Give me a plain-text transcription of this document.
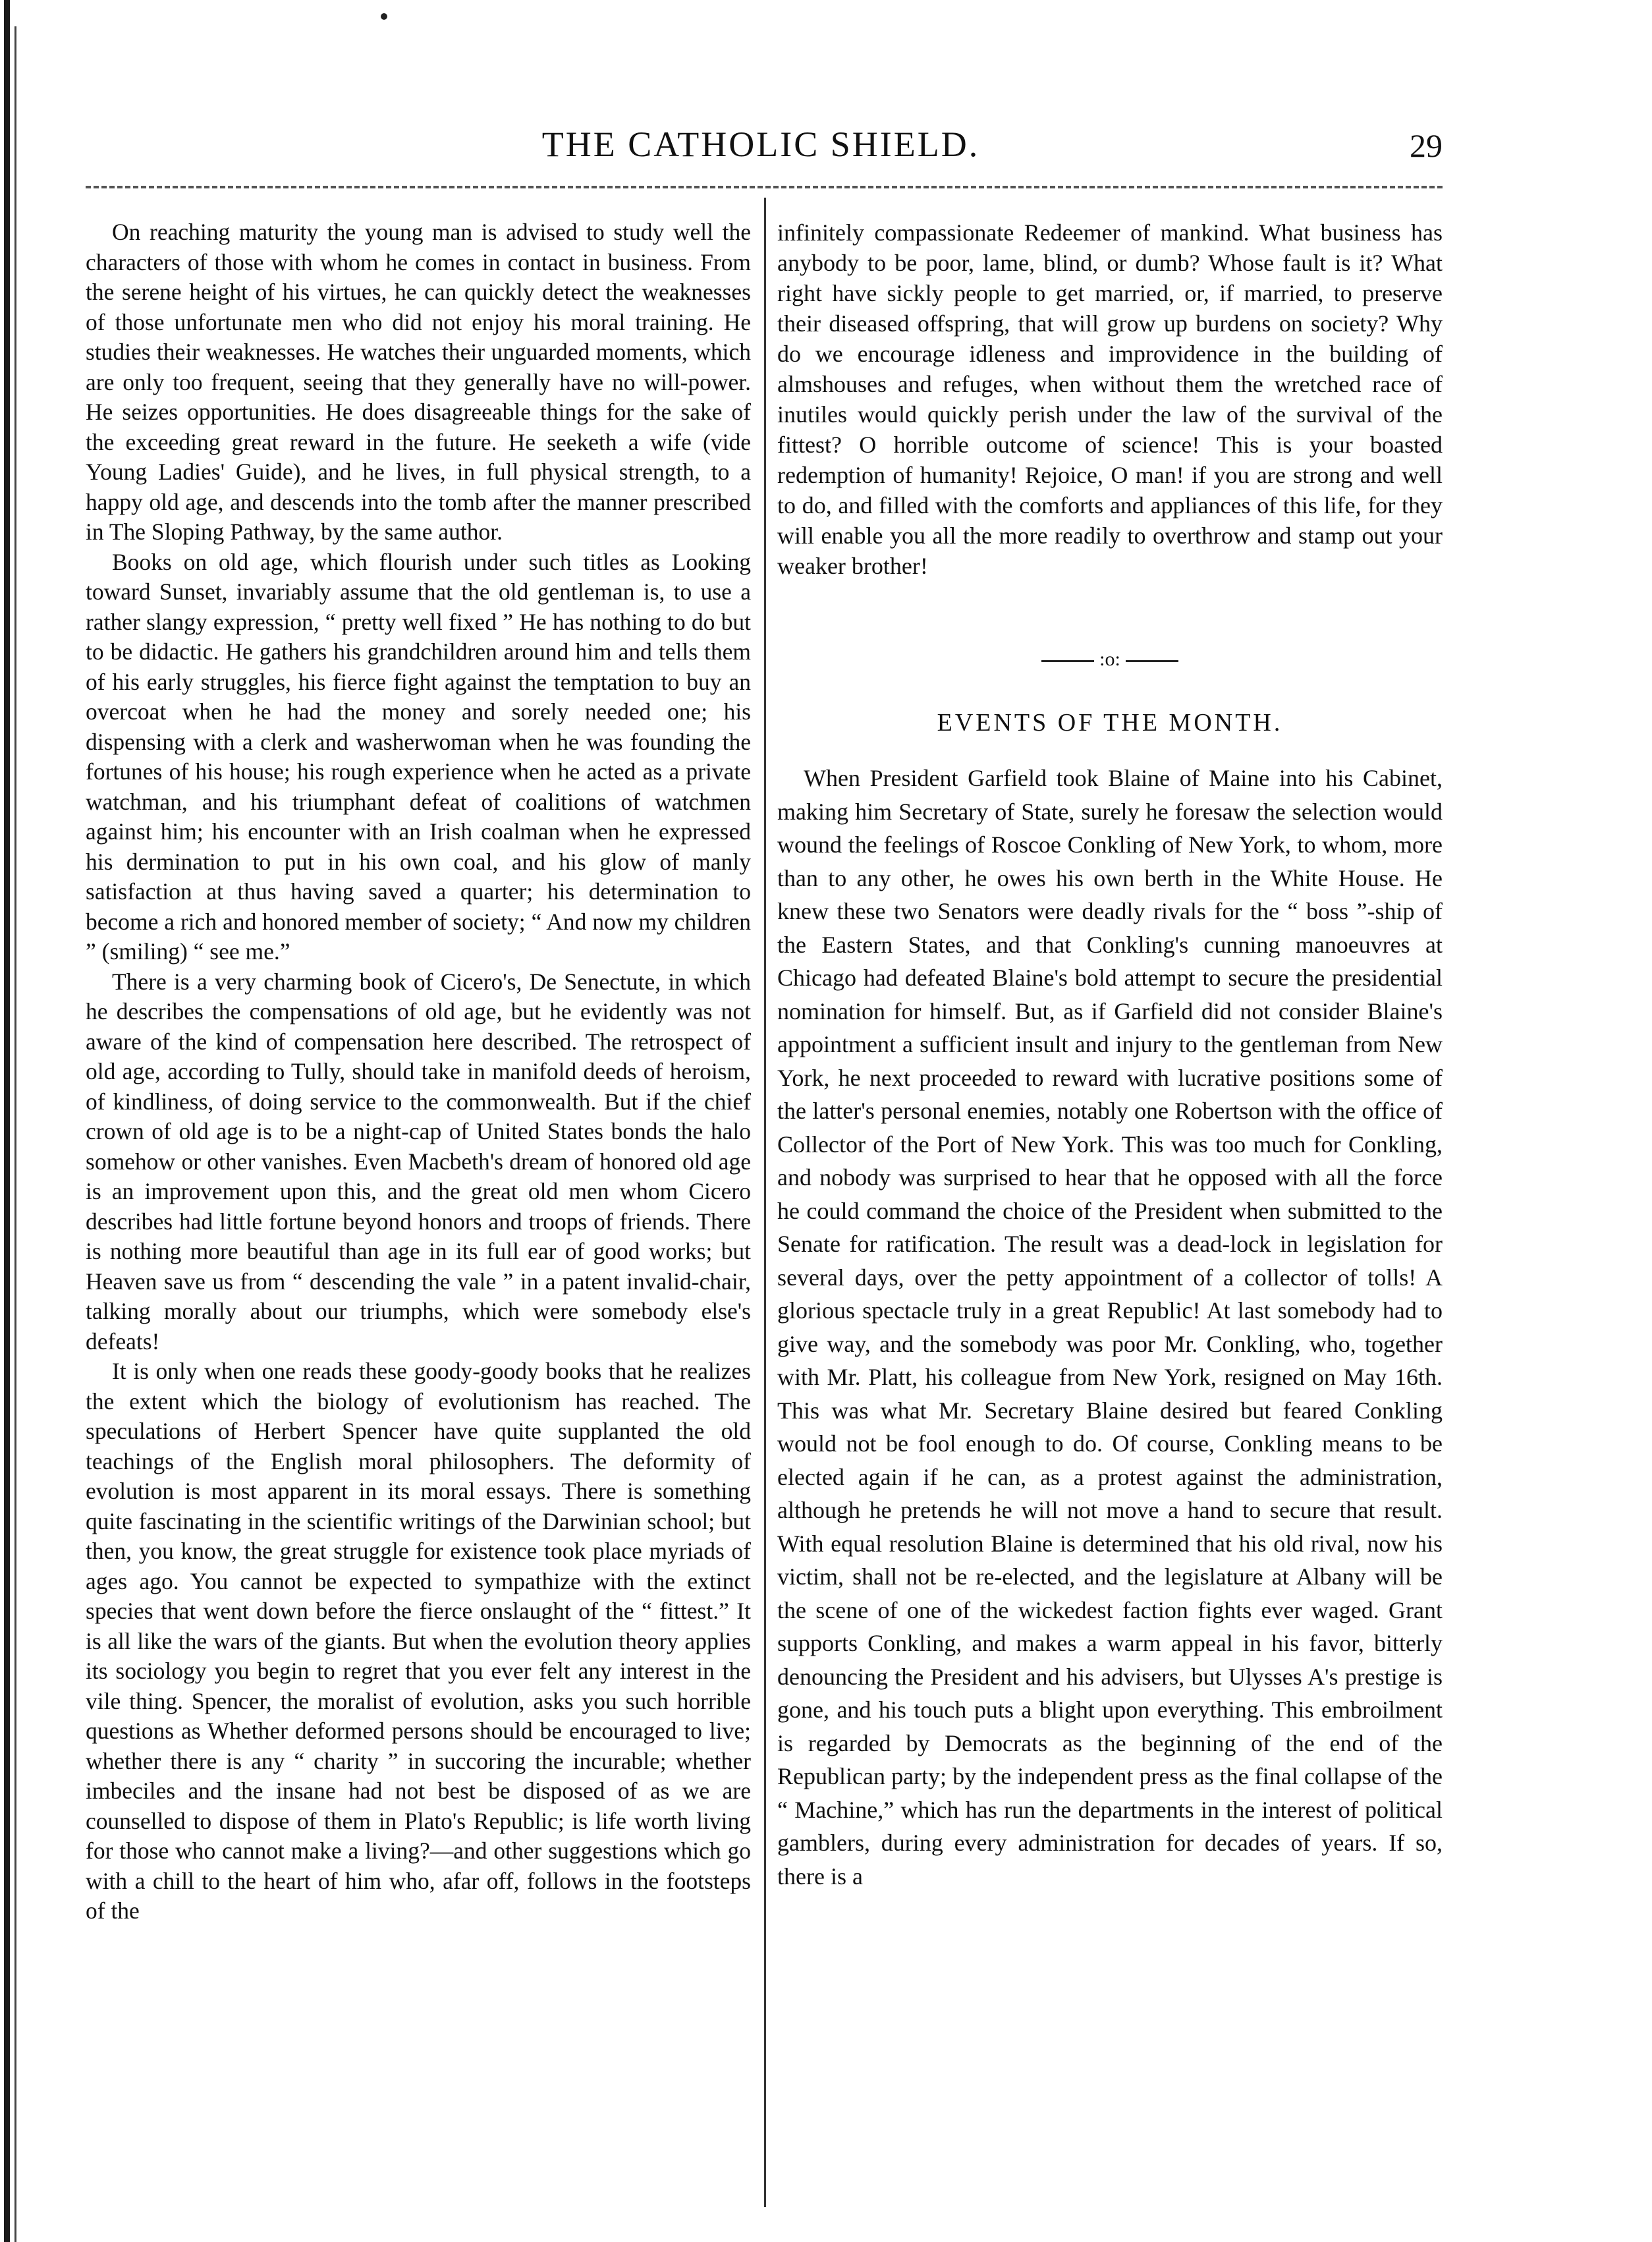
THE CATHOLIC SHIELD.	29

On reaching maturity the young man is advised to study well the characters of those with whom he comes in contact in business. From the serene height of his virtues, he can quickly detect the weaknesses of those unfortunate men who did not enjoy his moral training. He studies their weaknesses. He watches their unguarded moments, which are only too frequent, seeing that they generally have no will-power. He seizes opportunities. He does disagreeable things for the sake of the exceeding great reward in the future. He seeketh a wife (vide Young Ladies' Guide), and he lives, in full physical strength, to a happy old age, and descends into the tomb after the manner prescribed in The Sloping Pathway, by the same author.

Books on old age, which flourish under such titles as Looking toward Sunset, invariably assume that the old gentleman is, to use a rather slangy expression, “ pretty well fixed ” He has nothing to do but to be didactic. He gathers his grandchildren around him and tells them of his early struggles, his fierce fight against the temptation to buy an overcoat when he had the money and sorely needed one; his dispensing with a clerk and washerwoman when he was founding the fortunes of his house; his rough experience when he acted as a private watchman, and his triumphant defeat of coalitions of watchmen against him; his encounter with an Irish coalman when he expressed his dermination to put in his own coal, and his glow of manly satisfaction at thus having saved a quarter; his determination to become a rich and honored member of society; “ And now my children ” (smiling) “ see me.”

There is a very charming book of Cicero's, De Senectute, in which he describes the compensations of old age, but he evidently was not aware of the kind of compensation here described. The retrospect of old age, according to Tully, should take in manifold deeds of heroism, of kindliness, of doing service to the commonwealth. But if the chief crown of old age is to be a night-cap of United States bonds the halo somehow or other vanishes. Even Macbeth's dream of honored old age is an improvement upon this, and the great old men whom Cicero describes had little fortune beyond honors and troops of friends. There is nothing more beautiful than age in its full ear of good works; but Heaven save us from “ descending the vale ” in a patent invalid-chair, talking morally about our triumphs, which were somebody else's defeats!

It is only when one reads these goody-goody books that he realizes the extent which the biology of evolutionism has reached. The speculations of Herbert Spencer have quite supplanted the old teachings of the English moral philosophers. The deformity of evolution is most apparent in its moral essays. There is something quite fascinating in the scientific writings of the Darwinian school; but then, you know, the great struggle for existence took place myriads of ages ago. You cannot be expected to sympathize with the extinct species that went down before the fierce onslaught of the “ fittest.” It is all like the wars of the giants. But when the evolution theory applies its sociology you begin to regret that you ever felt any interest in the vile thing. Spencer, the moralist of evolution, asks you such horrible questions as Whether deformed persons should be encouraged to live; whether there is any “ charity ” in succoring the incurable; whether imbeciles and the insane had not best be disposed of as we are counselled to dispose of them in Plato's Republic; is life worth living for those who cannot make a living?—and other suggestions which go with a chill to the heart of him who, afar off, follows in the footsteps of the

infinitely compassionate Redeemer of mankind. What business has anybody to be poor, lame, blind, or dumb? Whose fault is it? What right have sickly people to get married, or, if married, to preserve their diseased offspring, that will grow up burdens on society? Why do we encourage idleness and improvidence in the building of almshouses and refuges, when without them the wretched race of inutiles would quickly perish under the law of the survival of the fittest? O horrible outcome of science! This is your boasted redemption of humanity! Rejoice, O man! if you are strong and well to do, and filled with the comforts and appliances of this life, for they will enable you all the more readily to overthrow and stamp out your weaker brother!

:o:
EVENTS OF THE MONTH.

When President Garfield took Blaine of Maine into his Cabinet, making him Secretary of State, surely he foresaw the selection would wound the feelings of Roscoe Conkling of New York, to whom, more than to any other, he owes his own berth in the White House. He knew these two Senators were deadly rivals for the “ boss ”-ship of the Eastern States, and that Conkling's cunning manoeuvres at Chicago had defeated Blaine's bold attempt to secure the presidential nomination for himself. But, as if Garfield did not consider Blaine's appointment a sufficient insult and injury to the gentleman from New York, he next proceeded to reward with lucrative positions some of the latter's personal enemies, notably one Robertson with the office of Collector of the Port of New York. This was too much for Conkling, and nobody was surprised to hear that he opposed with all the force he could command the choice of the President when submitted to the Senate for ratification. The result was a dead-lock in legislation for several days, over the petty appointment of a collector of tolls! A glorious spectacle truly in a great Republic! At last somebody had to give way, and the somebody was poor Mr. Conkling, who, together with Mr. Platt, his colleague from New York, resigned on May 16th. This was what Mr. Secretary Blaine desired but feared Conkling would not be fool enough to do. Of course, Conkling means to be elected again if he can, as a protest against the administration, although he pretends he will not move a hand to secure that result. With equal resolution Blaine is determined that his old rival, now his victim, shall not be re-elected, and the legislature at Albany will be the scene of one of the wickedest faction fights ever waged. Grant supports Conkling, and makes a warm appeal in his favor, bitterly denouncing the President and his advisers, but Ulysses A's prestige is gone, and his touch puts a blight upon everything. This embroilment is regarded by Democrats as the beginning of the end of the Republican party; by the independent press as the final collapse of the “ Machine,” which has run the departments in the interest of political gamblers, during every administration for decades of years. If so, there is a
